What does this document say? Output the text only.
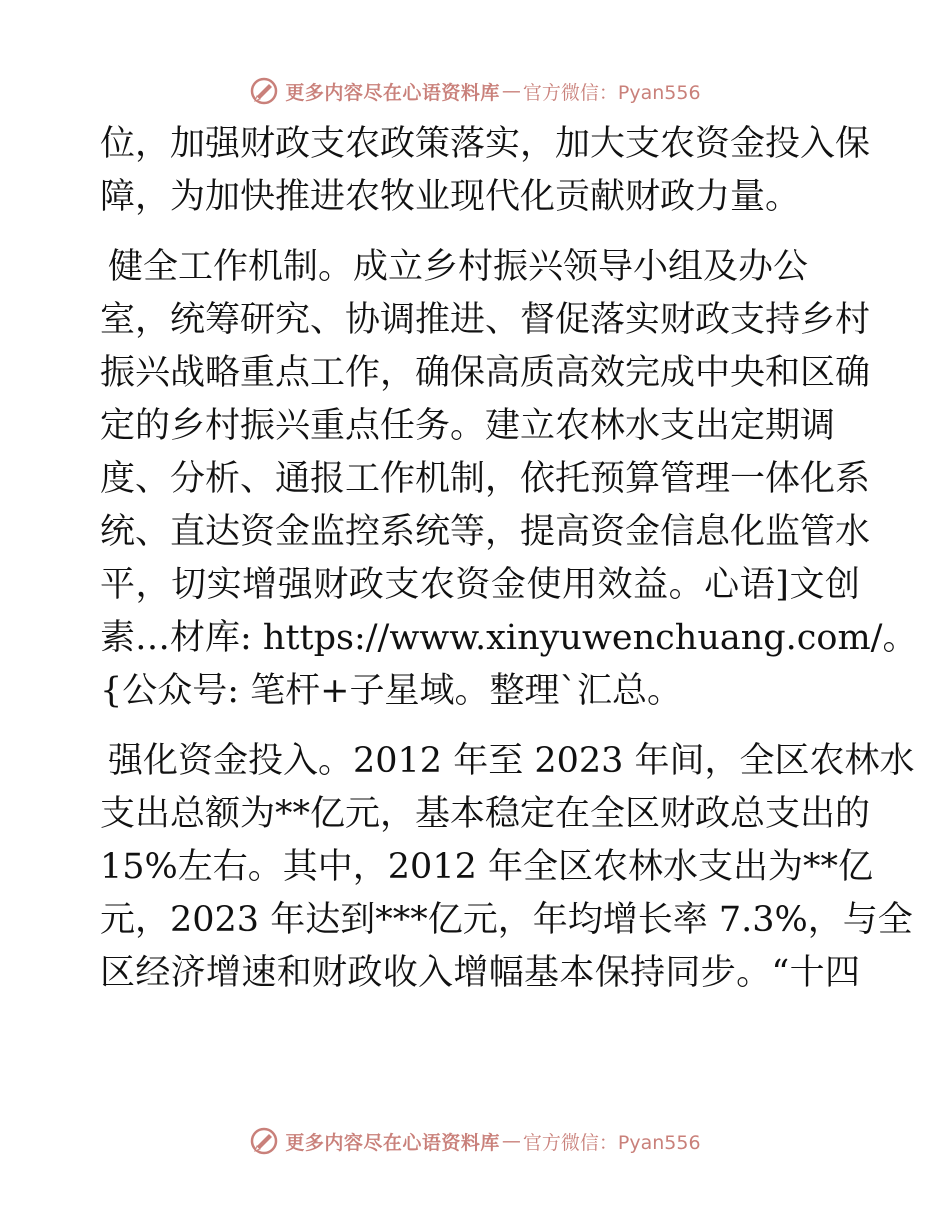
更多内容尽在心语资料库 — 官方微信：Pyan556
位，加强财政支农政策落实，加大支农资金投入保
障，为加快推进农牧业现代化贡献财政力量。
健全工作机制。成立乡村振兴领导小组及办公
室，统筹研究、协调推进、督促落实财政支持乡村
振兴战略重点工作，确保高质高效完成中央和区确
定的乡村振兴重点任务。建立农林水支出定期调
度、分析、通报工作机制，依托预算管理一体化系
统、直达资金监控系统等，提高资金信息化监管水
平，切实增强财政支农资金使用效益。心语]文创
素…材库: https://www.xinyuwenchuang.com/。
{公众号: 笔杆+子星域。整理`汇总。
强化资金投入。2012 年至 2023 年间，全区农林水
支出总额为**亿元，基本稳定在全区财政总支出的
15%左右。其中，2012 年全区农林水支出为**亿
元，2023 年达到***亿元，年均增长率 7.3%，与全
区经济增速和财政收入增幅基本保持同步。“十四
更多内容尽在心语资料库 — 官方微信：Pyan556
